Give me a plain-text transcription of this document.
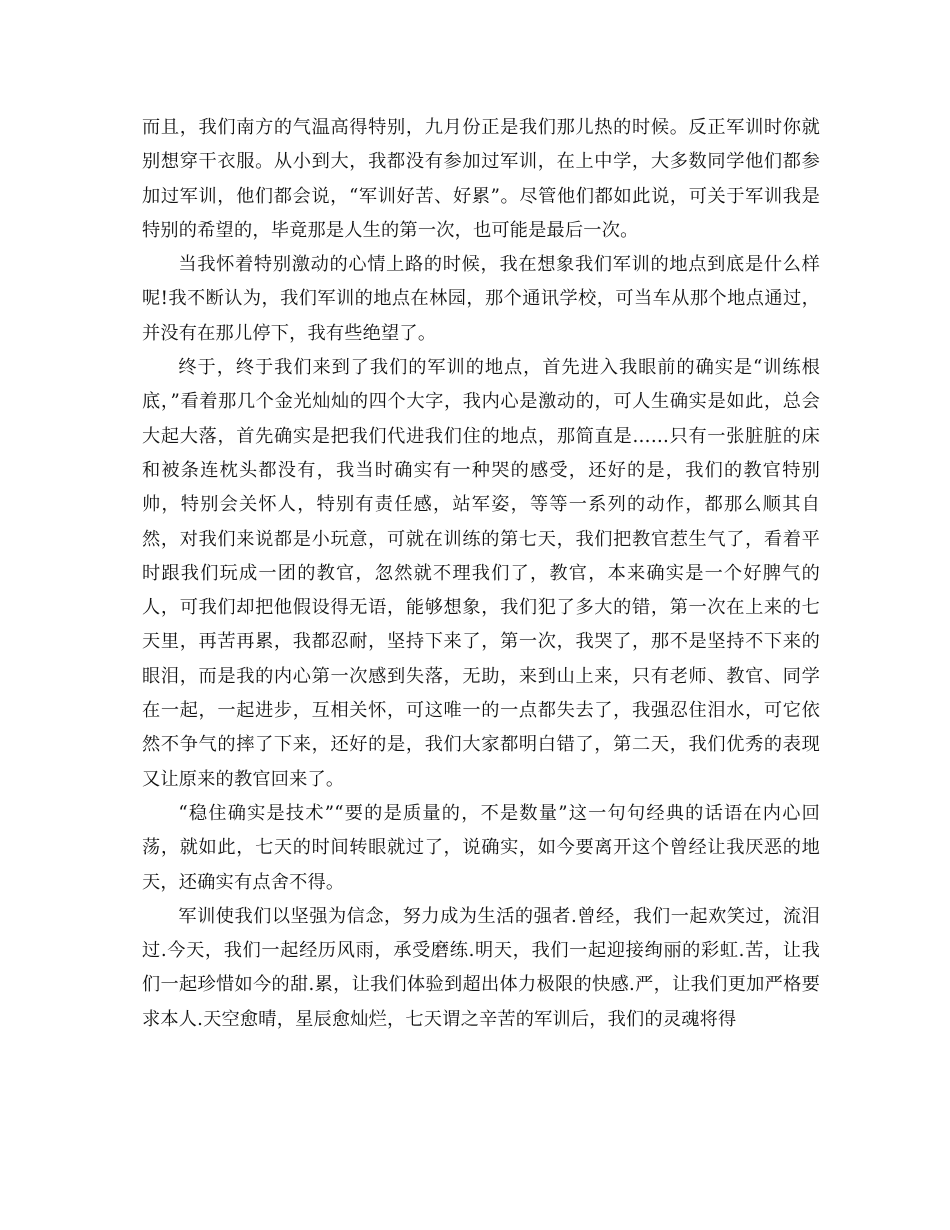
而且，我们南方的气温高得特别，九月份正是我们那儿热的时候。反正军训时你就别想穿干衣服。从小到大，我都没有参加过军训，在上中学，大多数同学他们都参加过军训，他们都会说，“军训好苦、好累”。尽管他们都如此说，可关于军训我是特别的希望的，毕竟那是人生的第一次，也可能是最后一次。

当我怀着特别激动的心情上路的时候，我在想象我们军训的地点到底是什么样呢!我不断认为，我们军训的地点在林园，那个通讯学校，可当车从那个地点通过，并没有在那儿停下，我有些绝望了。

终于，终于我们来到了我们的军训的地点，首先进入我眼前的确实是“训练根底，”看着那几个金光灿灿的四个大字，我内心是激动的，可人生确实是如此，总会大起大落，首先确实是把我们代进我们住的地点，那简直是……只有一张脏脏的床和被条连枕头都没有，我当时确实有一种哭的感受，还好的是，我们的教官特别帅，特别会关怀人，特别有责任感，站军姿，等等一系列的动作，都那么顺其自然，对我们来说都是小玩意，可就在训练的第七天，我们把教官惹生气了，看着平时跟我们玩成一团的教官，忽然就不理我们了，教官，本来确实是一个好脾气的人，可我们却把他假设得无语，能够想象，我们犯了多大的错，第一次在上来的七天里，再苦再累，我都忍耐，坚持下来了，第一次，我哭了，那不是坚持不下来的眼泪，而是我的内心第一次感到失落，无助，来到山上来，只有老师、教官、同学在一起，一起进步，互相关怀，可这唯一的一点都失去了，我强忍住泪水，可它依然不争气的摔了下来，还好的是，我们大家都明白错了，第二天，我们优秀的表现又让原来的教官回来了。

“稳住确实是技术”“要的是质量的，不是数量”这一句句经典的话语在内心回荡，就如此，七天的时间转眼就过了，说确实，如今要离开这个曾经让我厌恶的地天，还确实有点舍不得。

军训使我们以坚强为信念，努力成为生活的强者.曾经，我们一起欢笑过，流泪过.今天，我们一起经历风雨，承受磨练.明天，我们一起迎接绚丽的彩虹.苦，让我们一起珍惜如今的甜.累，让我们体验到超出体力极限的快感.严，让我们更加严格要求本人.天空愈晴，星辰愈灿烂，七天谓之辛苦的军训后，我们的灵魂将得
